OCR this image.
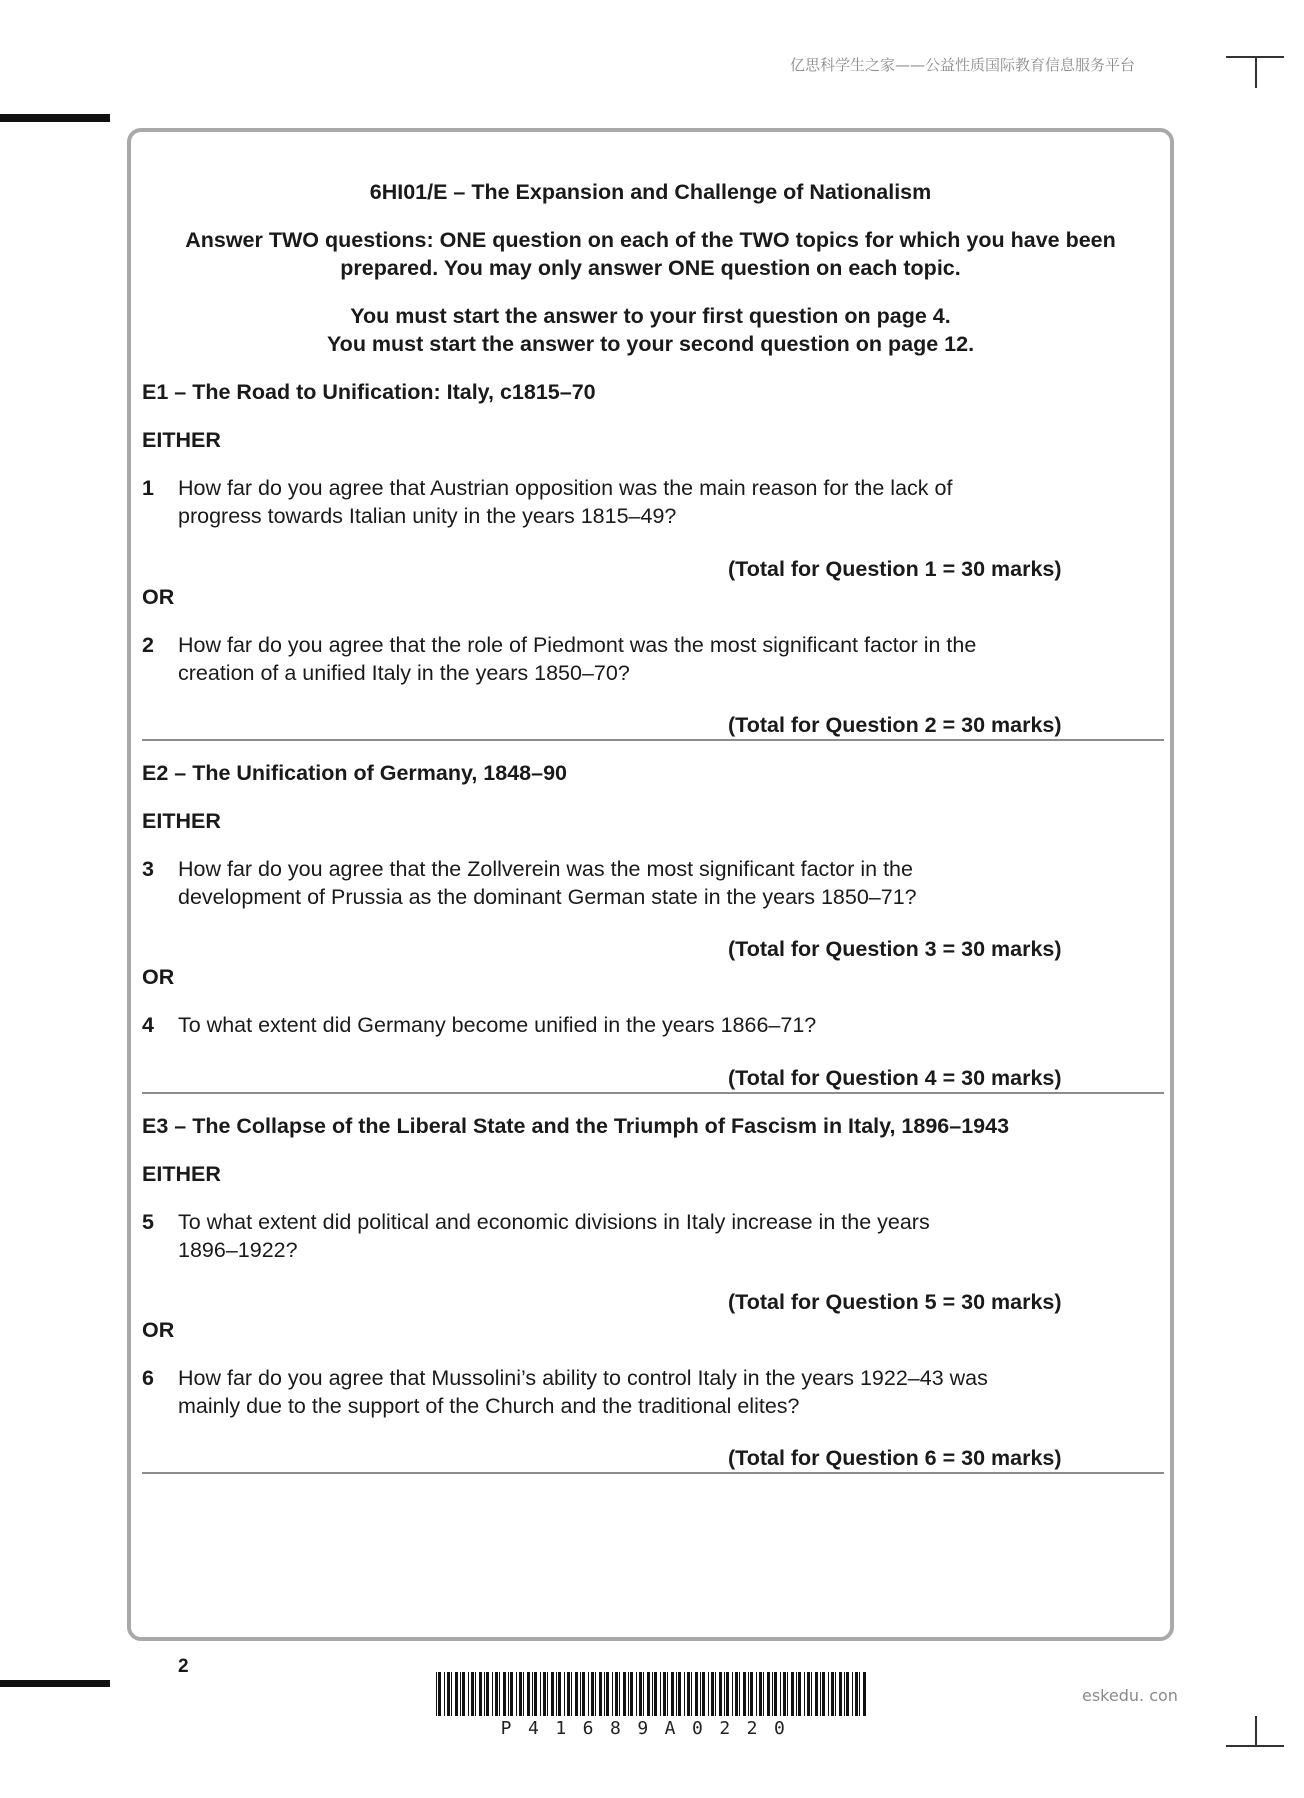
亿思科学生之家——公益性质国际教育信息服务平台
6HI01/E – The Expansion and Challenge of Nationalism
Answer TWO questions: ONE question on each of the TWO topics for which you have been
prepared. You may only answer ONE question on each topic.
You must start the answer to your first question on page 4.
You must start the answer to your second question on page 12.
E1 – The Road to Unification: Italy, c1815–70
EITHER
1 How far do you agree that Austrian opposition was the main reason for the lack of
progress towards Italian unity in the years 1815–49?
(Total for Question 1 = 30 marks)
OR
2 How far do you agree that the role of Piedmont was the most significant factor in the
creation of a unified Italy in the years 1850–70?
(Total for Question 2 = 30 marks)
E2 – The Unification of Germany, 1848–90
EITHER
3 How far do you agree that the Zollverein was the most significant factor in the
development of Prussia as the dominant German state in the years 1850–71?
(Total for Question 3 = 30 marks)
OR
4 To what extent did Germany become unified in the years 1866–71?
(Total for Question 4 = 30 marks)
E3 – The Collapse of the Liberal State and the Triumph of Fascism in Italy, 1896–1943
EITHER
5 To what extent did political and economic divisions in Italy increase in the years
1896–1922?
(Total for Question 5 = 30 marks)
OR
6 How far do you agree that Mussolini’s ability to control Italy in the years 1922–43 was
mainly due to the support of the Church and the traditional elites?
(Total for Question 6 = 30 marks)
2
P41689A0220
eskedu. con
